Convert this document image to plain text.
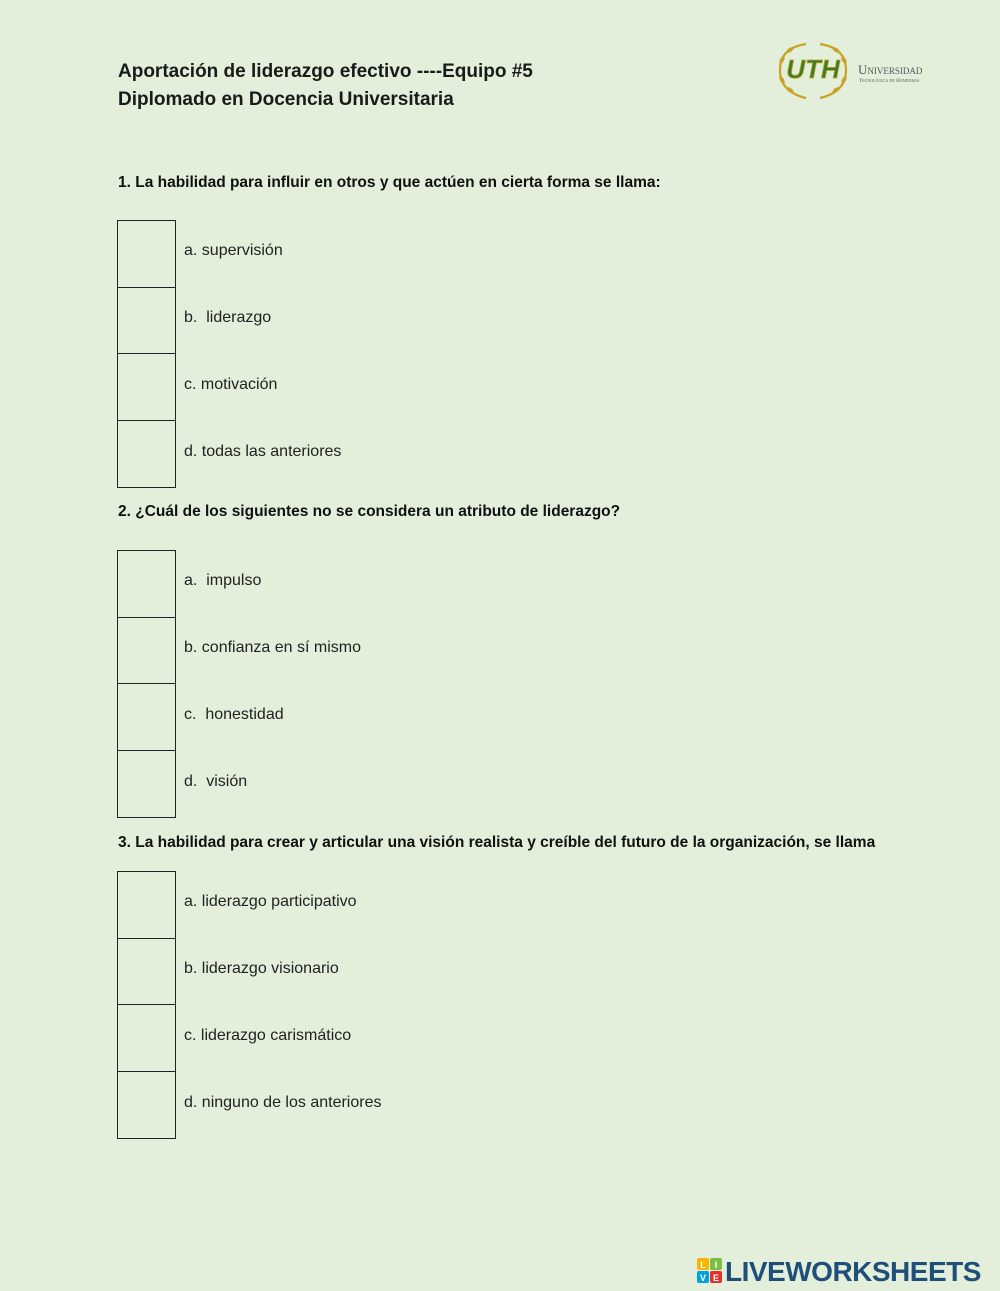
Aportación de liderazgo efectivo ----Equipo #5
Diplomado en Docencia Universitaria
UTH Universidad
Tecnológica de Honduras
1. La habilidad para influir en otros y que actúen en cierta forma se llama:
a. supervisión
b.  liderazgo
c. motivación
d. todas las anteriores
2. ¿Cuál de los siguientes no se considera un atributo de liderazgo?
a.  impulso
b. confianza en sí mismo
c.  honestidad
d.  visión
3. La habilidad para crear y articular una visión realista y creíble del futuro de la organización, se llama
a. liderazgo participativo
b. liderazgo visionario
c. liderazgo carismático
d. ninguno de los anteriores
L I
V E LIVEWORKSHEETS
